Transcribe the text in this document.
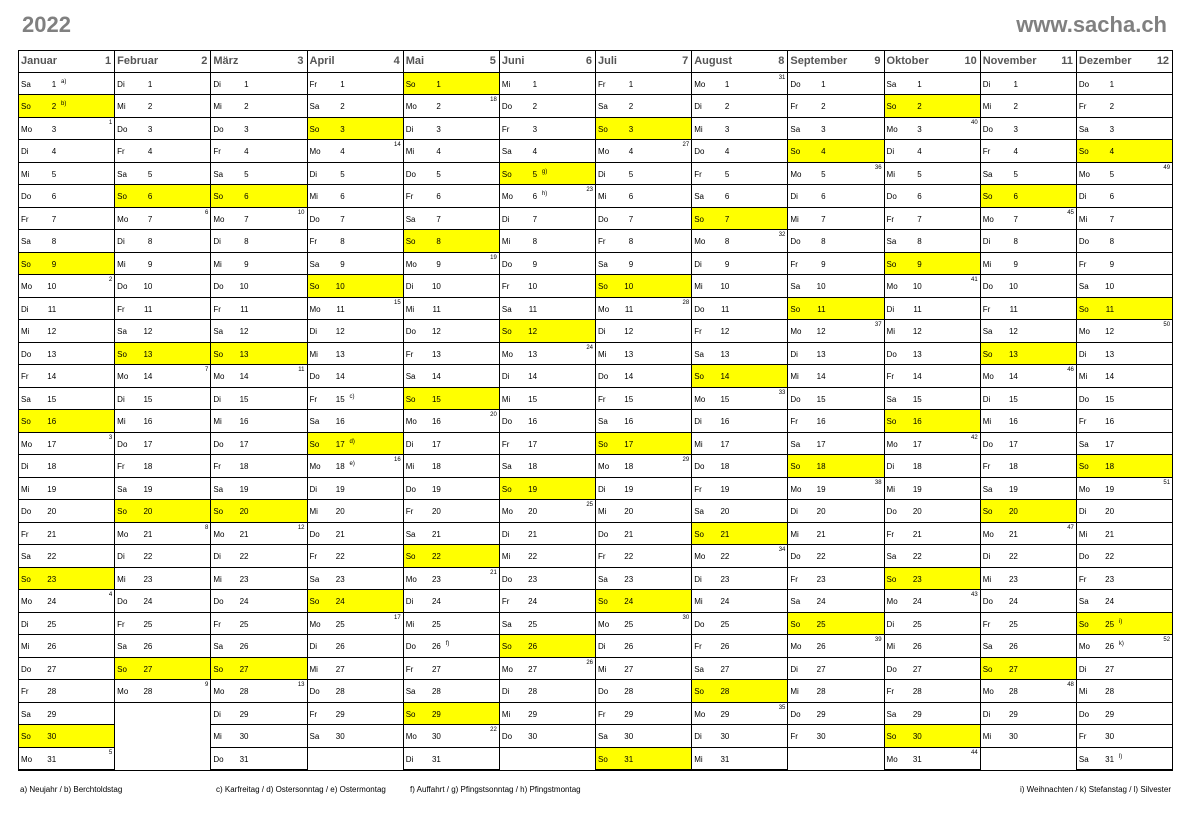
2022	www.sacha.ch
Januar	1
Sa	1 a)
So	2 b)
Mo 3
1
Di	4
Mi	5
Do	6
Fr	7
Sa	8
So	9
Mo 10
2
Di 11
Mi 12
Do 13
Fr 14
Sa 15
So 16
Mo 17
3
Di 18
Mi 19
Do 20
Fr 21
Sa 22
So 23
Mo 24
4
Di 25
Mi 26
Do 27
Fr 28
Sa 29
So 30
Mo 31
5
Februar	2
Di	1
Mi	2
Do	3
Fr	4
Sa	5
So	6
Mo 7
6
Di	8
Mi	9
Do 10
Fr 11
Sa 12
So 13
Mo 14
7
Di 15
Mi 16
Do 17
Fr 18
Sa 19
So 20
Mo 21
8
Di 22
Mi 23
Do 24
Fr 25
Sa 26
So 27
Mo 28
9
März	3
Di	1
Mi	2
Do	3
Fr	4
Sa	5
So	6
Mo 7
10
Di	8
Mi	9
Do 10
Fr 11
Sa 12
So 13
Mo 14
11
Di 15
Mi 16
Do 17
Fr 18
Sa 19
So 20
Mo 21
12
Di 22
Mi 23
Do 24
Fr 25
Sa 26
So 27
Mo 28
13
Di 29
Mi 30
Do 31
April	4
Fr	1
Sa	2
So	3
Mo 4
14
Di	5
Mi	6
Do	7
Fr	8
Sa	9
So 10
Mo 11
15
Di 12
Mi 13
Do 14
Fr 15 c)
Sa 16
So 17 d)
Mo 18 e)
16
Di 19
Mi 20
Do 21
Fr 22
Sa 23
So 24
Mo 25
17
Di 26
Mi 27
Do 28
Fr 29
Sa 30
Mai	5
So	1
Mo 2
18
Di	3
Mi	4
Do	5
Fr	6
Sa	7
So	8
Mo 9
19
Di 10
Mi 11
Do 12
Fr 13
Sa 14
So 15
Mo 16
20
Di 17
Mi 18
Do 19
Fr 20
Sa 21
So 22
Mo 23
21
Di 24
Mi 25
Do 26 f)
Fr 27
Sa 28
So 29
Mo 30
22
Di 31
Juni	6
Mi	1
Do	2
Fr	3
Sa	4
So	5 g)
Mo 6 h)
23
Di	7
Mi	8
Do	9
Fr 10
Sa 11
So 12
Mo 13
24
Di 14
Mi 15
Do 16
Fr 17
Sa 18
So 19
Mo 20
25
Di 21
Mi 22
Do 23
Fr 24
Sa 25
So 26
Mo 27
26
Di 28
Mi 29
Do 30
Juli	7
Fr	1
Sa	2
So	3
Mo 4
27
Di	5
Mi	6
Do	7
Fr	8
Sa	9
So 10
Mo 11
28
Di 12
Mi 13
Do 14
Fr 15
Sa 16
So 17
Mo 18
29
Di 19
Mi 20
Do 21
Fr 22
Sa 23
So 24
Mo 25
30
Di 26
Mi 27
Do 28
Fr 29
Sa 30
So 31
August	8
Mo 1
31
Di	2
Mi	3
Do	4
Fr	5
Sa	6
So	7
Mo 8
32
Di	9
Mi 10
Do 11
Fr 12
Sa 13
So 14
Mo 15
33
Di 16
Mi 17
Do 18
Fr 19
Sa 20
So 21
Mo 22
34
Di 23
Mi 24
Do 25
Fr 26
Sa 27
So 28
Mo 29
35
Di 30
Mi 31
September 9
Do	1
Fr	2
Sa	3
So	4
Mo 5
36
Di	6
Mi	7
Do	8
Fr	9
Sa 10
So 11
Mo 12
37
Di 13
Mi 14
Do 15
Fr 16
Sa 17
So 18
Mo 19
38
Di 20
Mi 21
Do 22
Fr 23
Sa 24
So 25
Mo 26
39
Di 27
Mi 28
Do 29
Fr 30
Oktober	10
Sa	1
So	2
Mo 3
40
Di	4
Mi	5
Do	6
Fr	7
Sa	8
So	9
Mo 10
41
Di 11
Mi 12
Do 13
Fr 14
Sa 15
So 16
Mo 17
42
Di 18
Mi 19
Do 20
Fr 21
Sa 22
So 23
Mo 24
43
Di 25
Mi 26
Do 27
Fr 28
Sa 29
So 30
Mo 31
44
November 11
Di	1
Mi	2
Do	3
Fr	4
Sa	5
So	6
Mo 7
45
Di	8
Mi	9
Do 10
Fr 11
Sa 12
So 13
Mo 14
46
Di 15
Mi 16
Do 17
Fr 18
Sa 19
So 20
Mo 21
47
Di 22
Mi 23
Do 24
Fr 25
Sa 26
So 27
Mo 28
48
Di 29
Mi 30
Dezember 12
Do	1
Fr	2
Sa	3
So	4
Mo 5
49
Di	6
Mi	7
Do	8
Fr	9
Sa 10
So 11
Mo 12
50
Di 13
Mi 14
Do 15
Fr 16
Sa 17
So 18
Mo 19
51
Di 20
Mi 21
Do 22
Fr 23
Sa 24
So 25 i)
Mo 26 k)
52
Di 27
Mi 28
Do 29
Fr 30
Sa 31 l)
a) Neujahr / b) Berchtoldstag	c) Karfreitag / d) Ostersonntag / e) Ostermontag	f) Auffahrt / g) Pfingstsonntag / h) Pfingstmontag	i) Weihnachten / k) Stefanstag / l) Silvester
